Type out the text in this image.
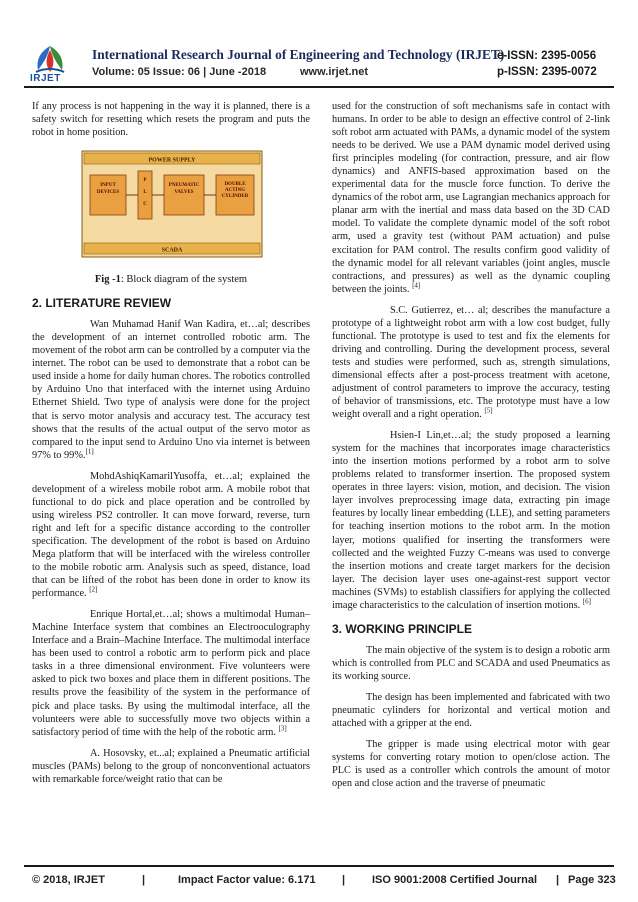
IRJET
International Research Journal of Engineering and Technology (IRJET)
Volume: 05 Issue: 06 | June -2018	www.irjet.net
e-ISSN: 2395-0056
p-ISSN: 2395-0072

If any process is not happening in the way it is planned, there is a safety switch for resetting which resets the program and puts the robot in home position.

POWER SUPPLY
INPUT
DEVICES
P
L
C
PNEUMATIC
VALVES
DOUBLE
ACTING
CYLINDER
SCADA
Fig -1: Block diagram of the system
2. LITERATURE REVIEW

Wan Muhamad Hanif Wan Kadira, et…al; describes the development of an internet controlled robotic arm. The movement of the robot arm can be controlled by a computer via the internet. The robot can be used to demonstrate that a robot can be used inside a home for daily human chores. The robotics controlled by Arduino Uno that interfaced with the internet using Arduino Ethernet Shield. Two type of analysis were done for the project that is servo motor analysis and accuracy test. The accuracy test shows that the results of the actual output of the servo motor as compared to the input send to Arduino Uno via internet is between 97% to 99%.[1]

MohdAshiqKamarilYusoffa, et…al; explained the development of a wireless mobile robot arm. A mobile robot that functional to do pick and place operation and be controlled by using wireless PS2 controller. It can move forward, reverse, turn right and left for a specific distance according to the controller specification. The development of the robot is based on Arduino Mega platform that will be interfaced with the wireless controller to the mobile robotic arm. Analysis such as speed, distance, load that can be lifted of the robot has been done in order to know its performance. [2]

Enrique Hortal,et…al; shows a multimodal Human–Machine Interface system that combines an Electrooculography Interface and a Brain–Machine Interface. The multimodal interface has been used to control a robotic arm to perform pick and place tasks in a three dimensional environment. Five volunteers were asked to pick two boxes and place them in different positions. The results prove the feasibility of the system in the performance of pick and place tasks. By using the multimodal interface, all the volunteers were able to successfully move two objects within a satisfactory period of time with the help of the robotic arm. [3]

A. Hosovsky, et...al; explained a Pneumatic artificial muscles (PAMs) belong to the group of nonconventional actuators with remarkable force/weight ratio that can be

used for the construction of soft mechanisms safe in contact with humans. In order to be able to design an effective control of 2-link soft robot arm actuated with PAMs, a dynamic model of the system needs to be derived. We use a PAM dynamic model derived using first principles modeling (for contraction, pressure, and air flow dynamics) and ANFIS-based approximation based on the experimental data for the muscle force function. To derive the dynamics of the robot arm, use Lagrangian mechanics approach for planar arm with the inertial and mass data based on the 3D CAD model. To validate the complete dynamic model of the soft robot arm, used a gravity test (without PAM actuation) and pulse excitation for PAM control. The results confirm good validity of the dynamic model for all relevant variables (joint angles, muscle contractions, and pressures) as well as the dynamic coupling between the joints. [4]

S.C. Gutierrez, et… al; describes the manufacture a prototype of a lightweight robot arm with a low cost budget, fully functional. The prototype is used to test and fix the elements for driving and controlling. During the development process, several tests and studies were performed, such as, strength simulations, dimensional effects after a post-process treatment with acetone, adjustment of control parameters to improve the accuracy, testing of behavior of transmissions, etc. The prototype must have a low weight overall and a right operation. [5]

Hsien-I Lin,et…al; the study proposed a learning system for the machines that incorporates image characteristics into the insertion motions performed by a robot arm to solve problems related to transformer insertion. The proposed system operates in three layers: vision, motion, and decision. The vision layer involves preprocessing image data, extracting pin image features by locally linear embedding (LLE), and setting parameters for teaching insertion motions to the robot arm. In the motion layer, motions qualified for inserting the transformers were collected and the weighted Fuzzy C-means was used to converge the insertion motions and create target markers for the decision layer. The decision layer uses one-against-rest support vector machines (SVMs) to establish classifiers for applying the collected image characteristics to the calculation of insertion motions. [6]

3. WORKING PRINCIPLE

The main objective of the system is to design a robotic arm which is controlled from PLC and SCADA and used Pneumatics as its working source.

The design has been implemented and fabricated with two pneumatic cylinders for horizontal and vertical motion and attached with a gripper at the end.

The gripper is made using electrical motor with gear systems for converting rotary motion to open/close action. The PLC is used as a controller which controls the amount of motor open and close action and the traverse of pneumatic

© 2018, IRJET	|	Impact Factor value: 6.171 | ISO 9001:2008 Certified Journal | Page 323
